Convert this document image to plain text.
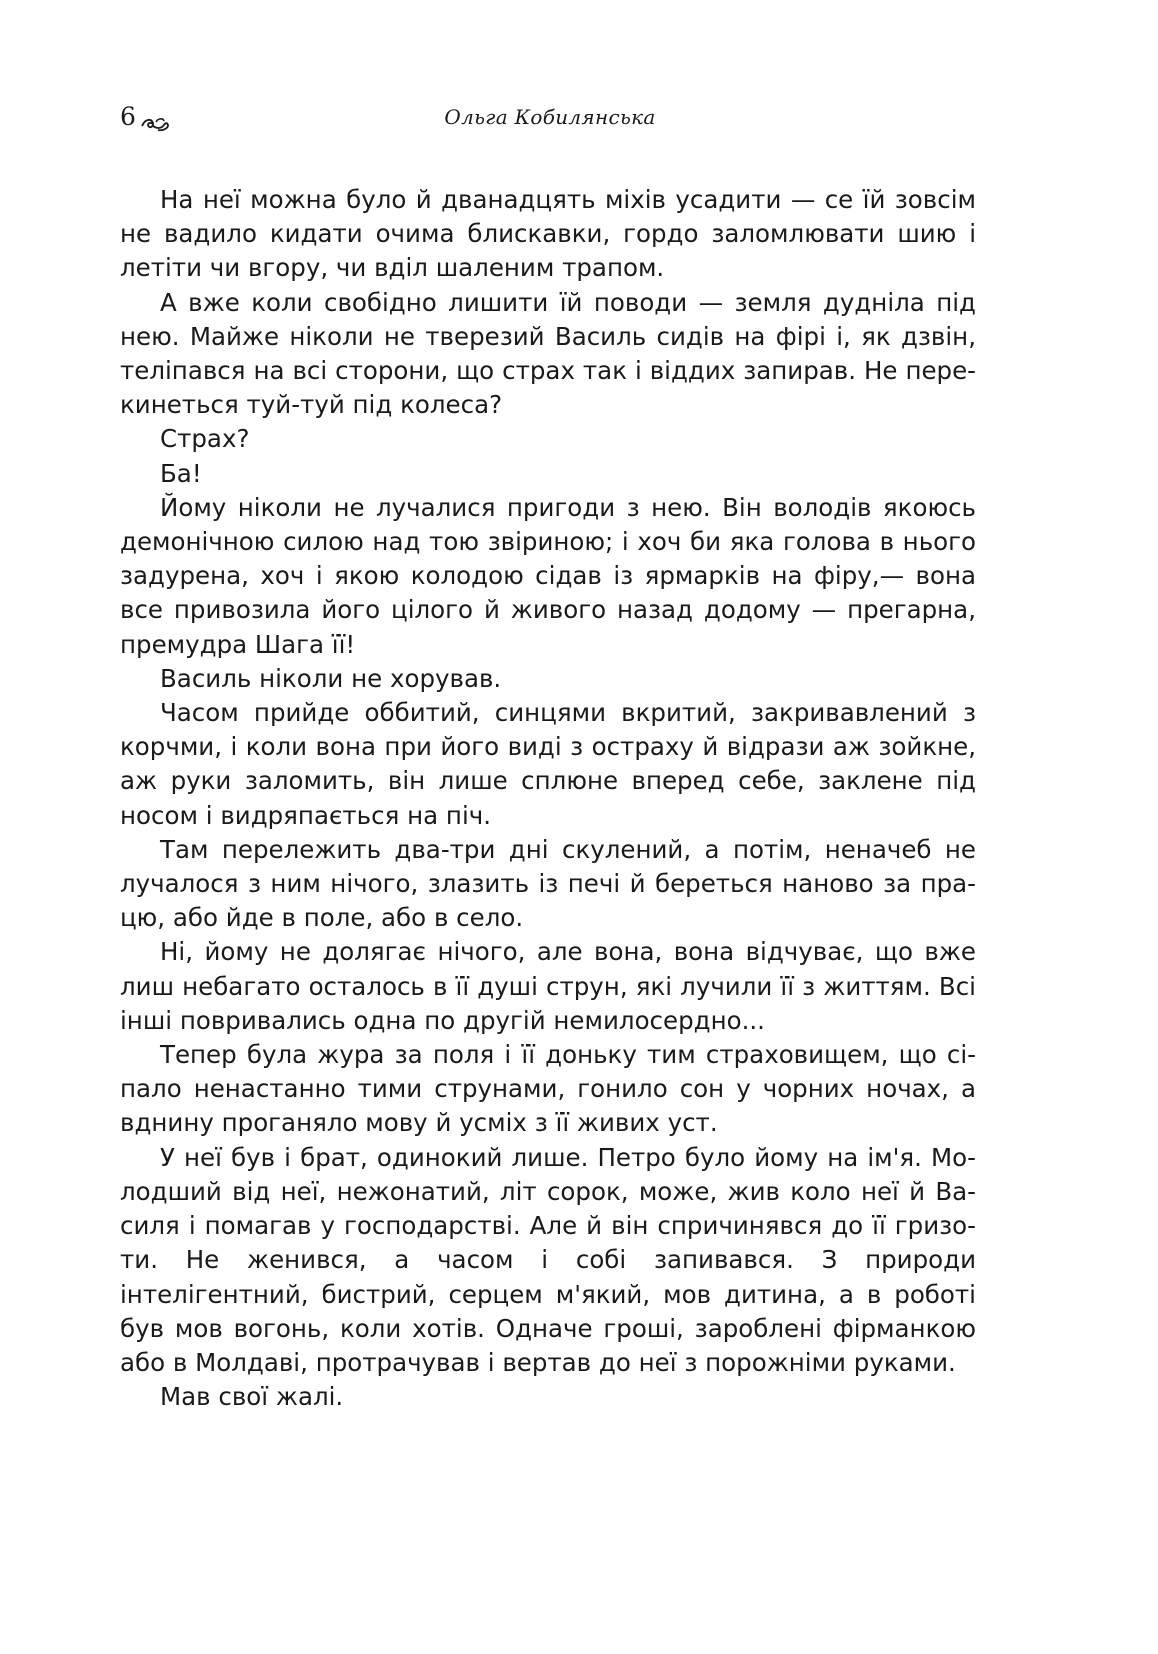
6	Ольга Кобилянська

На неї можна було й дванадцять міхів усадити — се їй зовсім не вадило кидати очима блискавки, гордо заломлювати шию і летіти чи вгору, чи вділ шаленим трапом.

А вже коли свобідно лишити їй поводи — земля дудніла під нею. Майже ніколи не тверезий Василь сидів на фірі і, як дзвін, теліпався на всі сторони, що страх так і віддих запирав. Не перекинеться туй-туй під колеса?

Страх?

Ба!

Йому ніколи не лучалися пригоди з нею. Він володів якоюсь демонічною силою над тою звіриною; і хоч би яка голова в нього задурена, хоч і якою колодою сідав із ярмарків на фіру,— вона все привозила його цілого й живого назад додому — прегарна, премудра Шага її!

Василь ніколи не хорував.

Часом прийде оббитий, синцями вкритий, закривавлений з корчми, і коли вона при його виді з остраху й відрази аж зойкне, аж руки заломить, він лише сплюне вперед себе, заклене під носом і видряпається на піч.

Там перележить два-три дні скулений, а потім, неначеб не лучалося з ним нічого, злазить із печі й береться наново за працю, або йде в поле, або в село.

Ні, йому не долягає нічого, але вона, вона відчуває, що вже лиш небагато осталось в її душі струн, які лучили її з життям. Всі інші повривались одна по другій немилосердно...

Тепер була жура за поля і її доньку тим страховищем, що сіпало ненастанно тими струнами, гонило сон у чорних ночах, а вднину проганяло мову й усміх з її живих уст.

У неї був і брат, одинокий лише. Петро було йому на ім'я. Молодший від неї, нежонатий, літ сорок, може, жив коло неї й Василя і помагав у господарстві. Але й він спричинявся до її гризоти. Не женився, а часом і собі запивався. З природи інтелігентний, бистрий, серцем м'який, мов дитина, а в роботі був мов вогонь, коли хотів. Одначе гроші, зароблені фірманкою або в Молдаві, протрачував і вертав до неї з порожніми руками.

Мав свої жалі.
